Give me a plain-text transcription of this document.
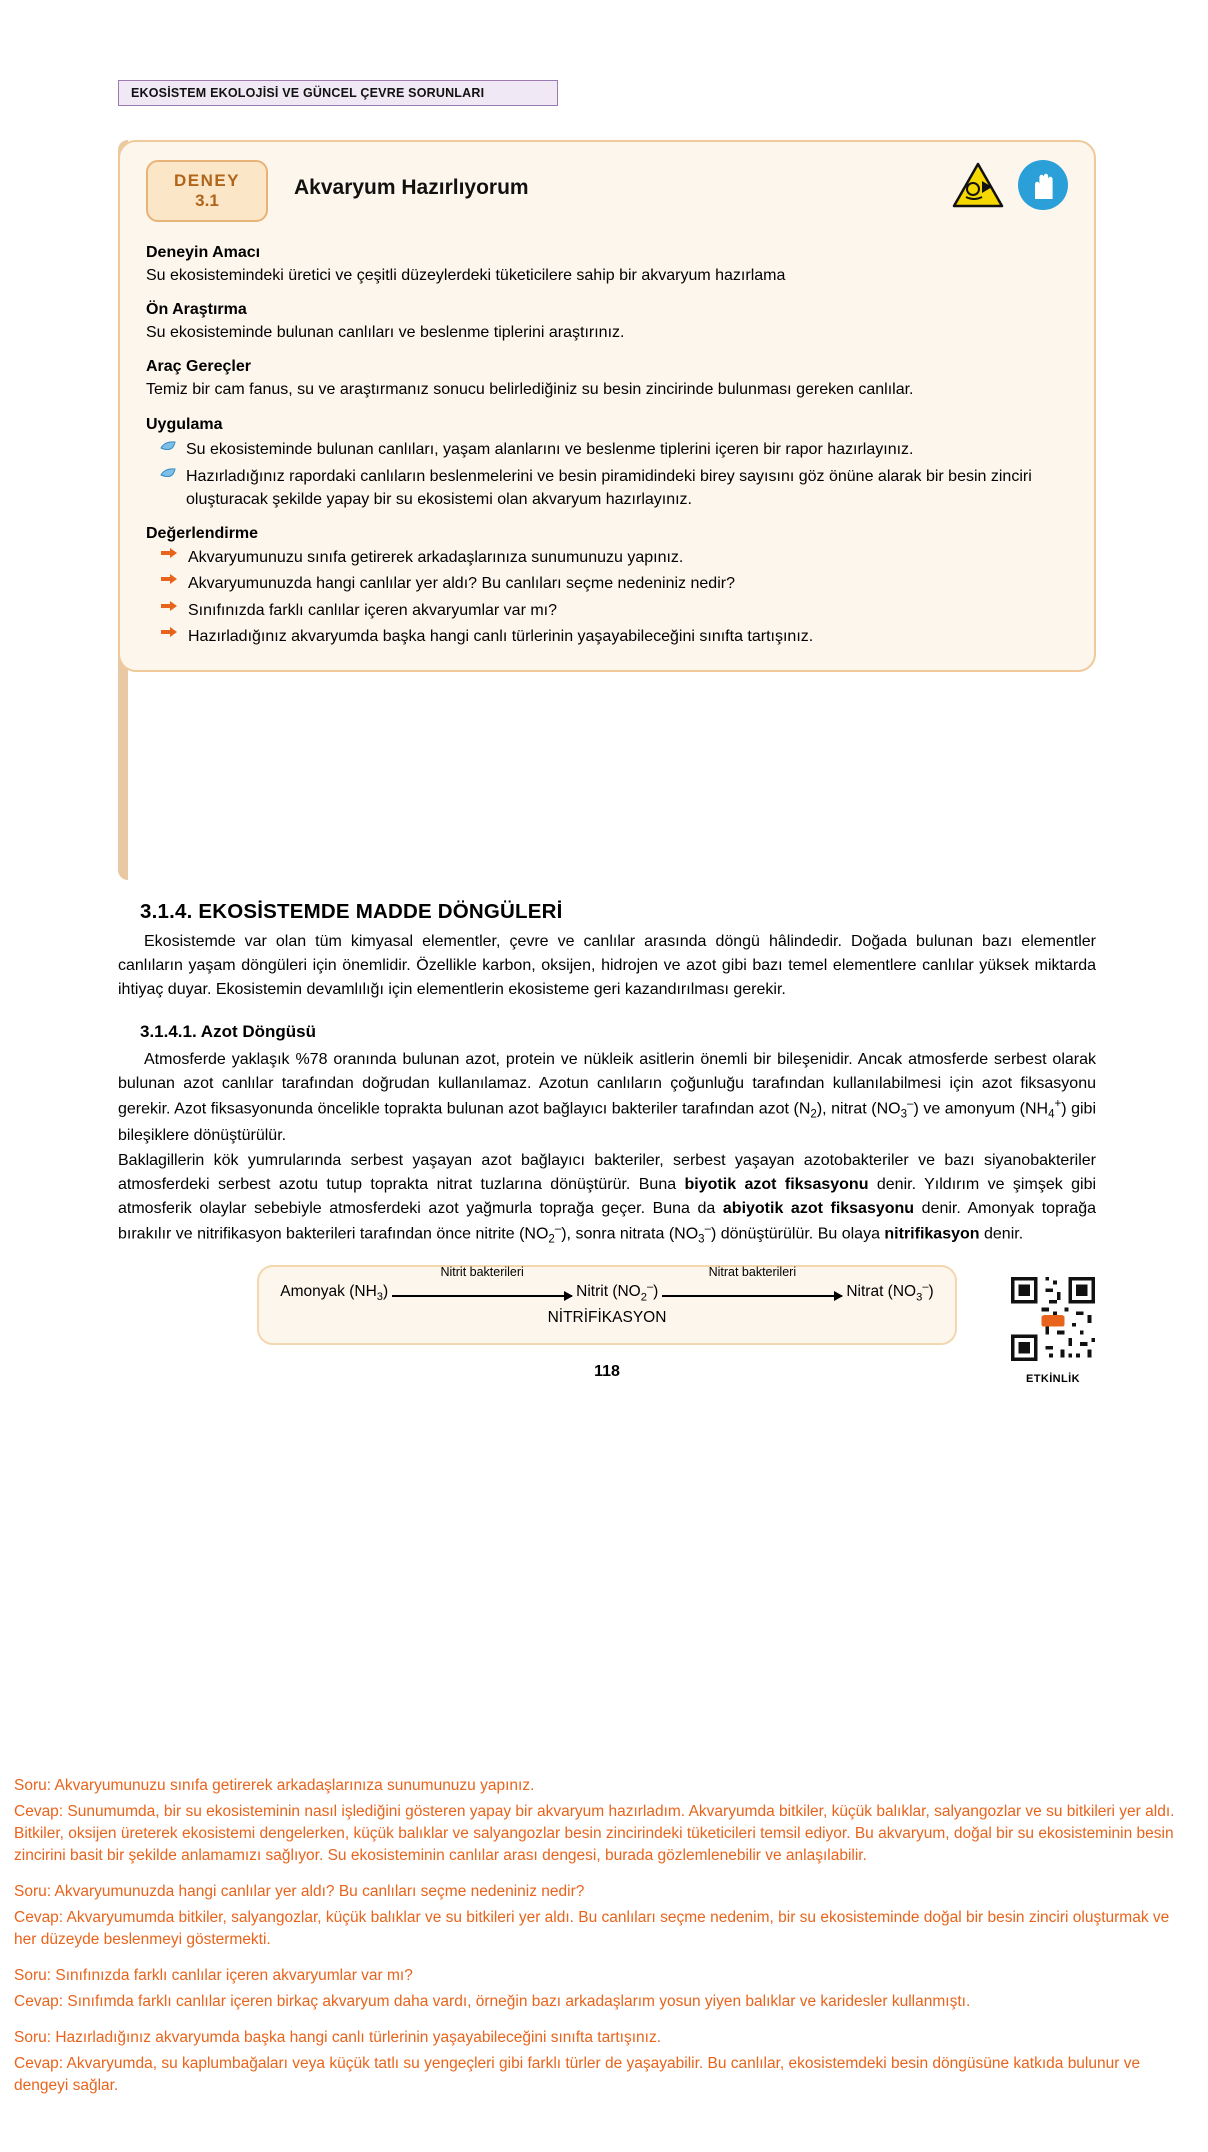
EKOSİSTEM EKOLOJİSİ VE GÜNCEL ÇEVRE SORUNLARI
DENEY
3.1
Akvaryum Hazırlıyorum
Deneyin Amacı

Su ekosistemindeki üretici ve çeşitli düzeylerdeki tüketicilere sahip bir akvaryum hazırlama

Ön Araştırma

Su ekosisteminde bulunan canlıları ve beslenme tiplerini araştırınız.

Araç Gereçler

Temiz bir cam fanus, su ve araştırmanız sonucu belirlediğiniz su besin zincirinde bulunması gereken canlılar.

Uygulama
Su ekosisteminde bulunan canlıları, yaşam alanlarını ve beslenme tiplerini içeren bir rapor hazırlayınız.
Hazırladığınız rapordaki canlıların beslenmelerini ve besin piramidindeki birey sayısını göz önüne alarak bir besin zinciri oluşturacak şekilde yapay bir su ekosistemi olan akvaryum hazırlayınız.
Değerlendirme
Akvaryumunuzu sınıfa getirerek arkadaşlarınıza sunumunuzu yapınız.
Akvaryumunuzda hangi canlılar yer aldı? Bu canlıları seçme nedeniniz nedir?
Sınıfınızda farklı canlılar içeren akvaryumlar var mı?
Hazırladığınız akvaryumda başka hangi canlı türlerinin yaşayabileceğini sınıfta tartışınız.
3.1.4. EKOSİSTEMDE MADDE DÖNGÜLERİ

Ekosistemde var olan tüm kimyasal elementler, çevre ve canlılar arasında döngü hâlindedir. Doğada bulunan bazı elementler canlıların yaşam döngüleri için önemlidir. Özellikle karbon, oksijen, hidrojen ve azot gibi bazı temel elementlere canlılar yüksek miktarda ihtiyaç duyar. Ekosistemin devamlılığı için elementlerin ekosisteme geri kazandırılması gerekir.

3.1.4.1. Azot Döngüsü

Atmosferde yaklaşık %78 oranında bulunan azot, protein ve nükleik asitlerin önemli bir bileşenidir. Ancak atmosferde serbest olarak bulunan azot canlılar tarafından doğrudan kullanılamaz. Azotun canlıların çoğunluğu tarafından kullanılabilmesi için azot fiksasyonu gerekir. Azot fiksasyonunda öncelikle toprakta bulunan azot bağlayıcı bakteriler tarafından azot $(N_2)$, nitrat $(NO_3^-)$ ve amonyum $(NH_4^+)$ gibi bileşiklere dönüştürülür.

Baklagillerin kök yumrularında serbest yaşayan azot bağlayıcı bakteriler, serbest yaşayan azotobakteriler ve bazı siyanobakteriler atmosferdeki serbest azotu tutup toprakta nitrat tuzlarına dönüştürür. Buna biyotik azot fiksasyonu denir. Yıldırım ve şimşek gibi atmosferik olaylar sebebiyle atmosferdeki azot yağmurla toprağa geçer. Buna da abiyotik azot fiksasyonu denir. Amonyak toprağa bırakılır ve nitrifikasyon bakterileri tarafından önce nitrite $(NO_2^-)$, sonra nitrata $(NO_3^-)$ dönüştürülür. Bu olaya nitrifikasyon denir.

Amonyak $(NH_3)$
Nitrit bakterileri
Nitrit $(NO_2^-)$
Nitrat bakterileri
Nitrat $(NO_3^-)$
NİTRİFİKASYON
ETKİNLİK
118

Soru: Akvaryumunuzu sınıfa getirerek arkadaşlarınıza sunumunuzu yapınız.

Cevap: Sunumumda, bir su ekosisteminin nasıl işlediğini gösteren yapay bir akvaryum hazırladım. Akvaryumda bitkiler, küçük balıklar, salyangozlar ve su bitkileri yer aldı. Bitkiler, oksijen üreterek ekosistemi dengelerken, küçük balıklar ve salyangozlar besin zincirindeki tüketicileri temsil ediyor. Bu akvaryum, doğal bir su ekosisteminin besin zincirini basit bir şekilde anlamamızı sağlıyor. Su ekosisteminin canlılar arası dengesi, burada gözlemlenebilir ve anlaşılabilir.

Soru: Akvaryumunuzda hangi canlılar yer aldı? Bu canlıları seçme nedeniniz nedir?

Cevap: Akvaryumumda bitkiler, salyangozlar, küçük balıklar ve su bitkileri yer aldı. Bu canlıları seçme nedenim, bir su ekosisteminde doğal bir besin zinciri oluşturmak ve her düzeyde beslenmeyi göstermekti.

Soru: Sınıfınızda farklı canlılar içeren akvaryumlar var mı?

Cevap: Sınıfımda farklı canlılar içeren birkaç akvaryum daha vardı, örneğin bazı arkadaşlarım yosun yiyen balıklar ve karidesler kullanmıştı.

Soru: Hazırladığınız akvaryumda başka hangi canlı türlerinin yaşayabileceğini sınıfta tartışınız.

Cevap: Akvaryumda, su kaplumbağaları veya küçük tatlı su yengeçleri gibi farklı türler de yaşayabilir. Bu canlılar, ekosistemdeki besin döngüsüne katkıda bulunur ve dengeyi sağlar.
